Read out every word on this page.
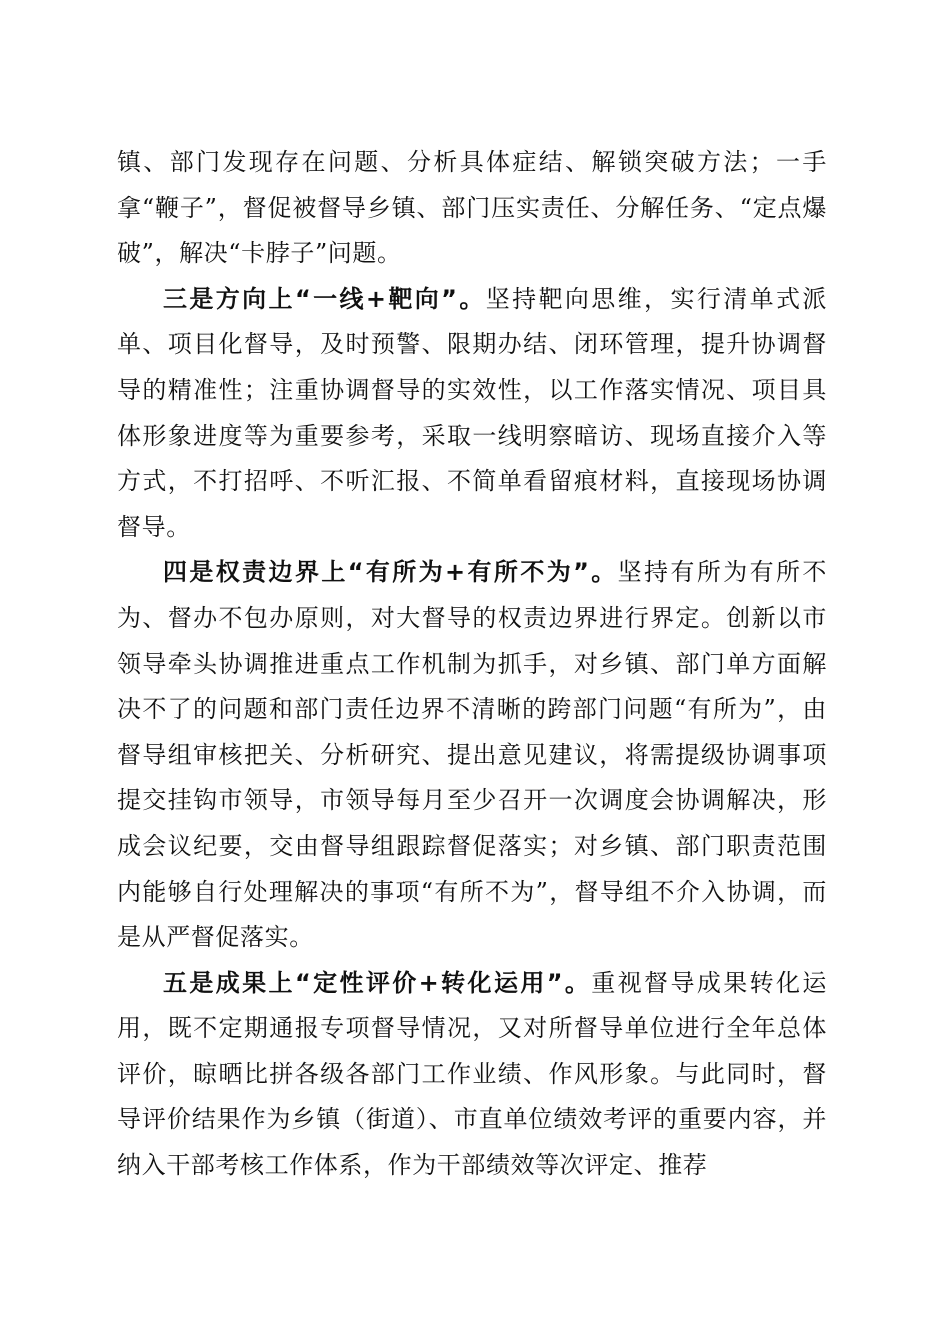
镇、部门发现存在问题、分析具体症结、解锁突破方法；一手拿“鞭子”，督促被督导乡镇、部门压实责任、分解任务、“定点爆破”，解决“卡脖子”问题。

三是方向上“一线+靶向”。坚持靶向思维，实行清单式派单、项目化督导，及时预警、限期办结、闭环管理，提升协调督导的精准性；注重协调督导的实效性，以工作落实情况、项目具体形象进度等为重要参考，采取一线明察暗访、现场直接介入等方式，不打招呼、不听汇报、不简单看留痕材料，直接现场协调督导。

四是权责边界上“有所为+有所不为”。坚持有所为有所不为、督办不包办原则，对大督导的权责边界进行界定。创新以市领导牵头协调推进重点工作机制为抓手，对乡镇、部门单方面解决不了的问题和部门责任边界不清晰的跨部门问题“有所为”，由督导组审核把关、分析研究、提出意见建议，将需提级协调事项提交挂钩市领导，市领导每月至少召开一次调度会协调解决，形成会议纪要，交由督导组跟踪督促落实；对乡镇、部门职责范围内能够自行处理解决的事项“有所不为”，督导组不介入协调，而是从严督促落实。

五是成果上“定性评价+转化运用”。重视督导成果转化运用，既不定期通报专项督导情况，又对所督导单位进行全年总体评价，晾晒比拼各级各部门工作业绩、作风形象。与此同时，督导评价结果作为乡镇（街道）、市直单位绩效考评的重要内容，并纳入干部考核工作体系，作为干部绩效等次评定、推荐
